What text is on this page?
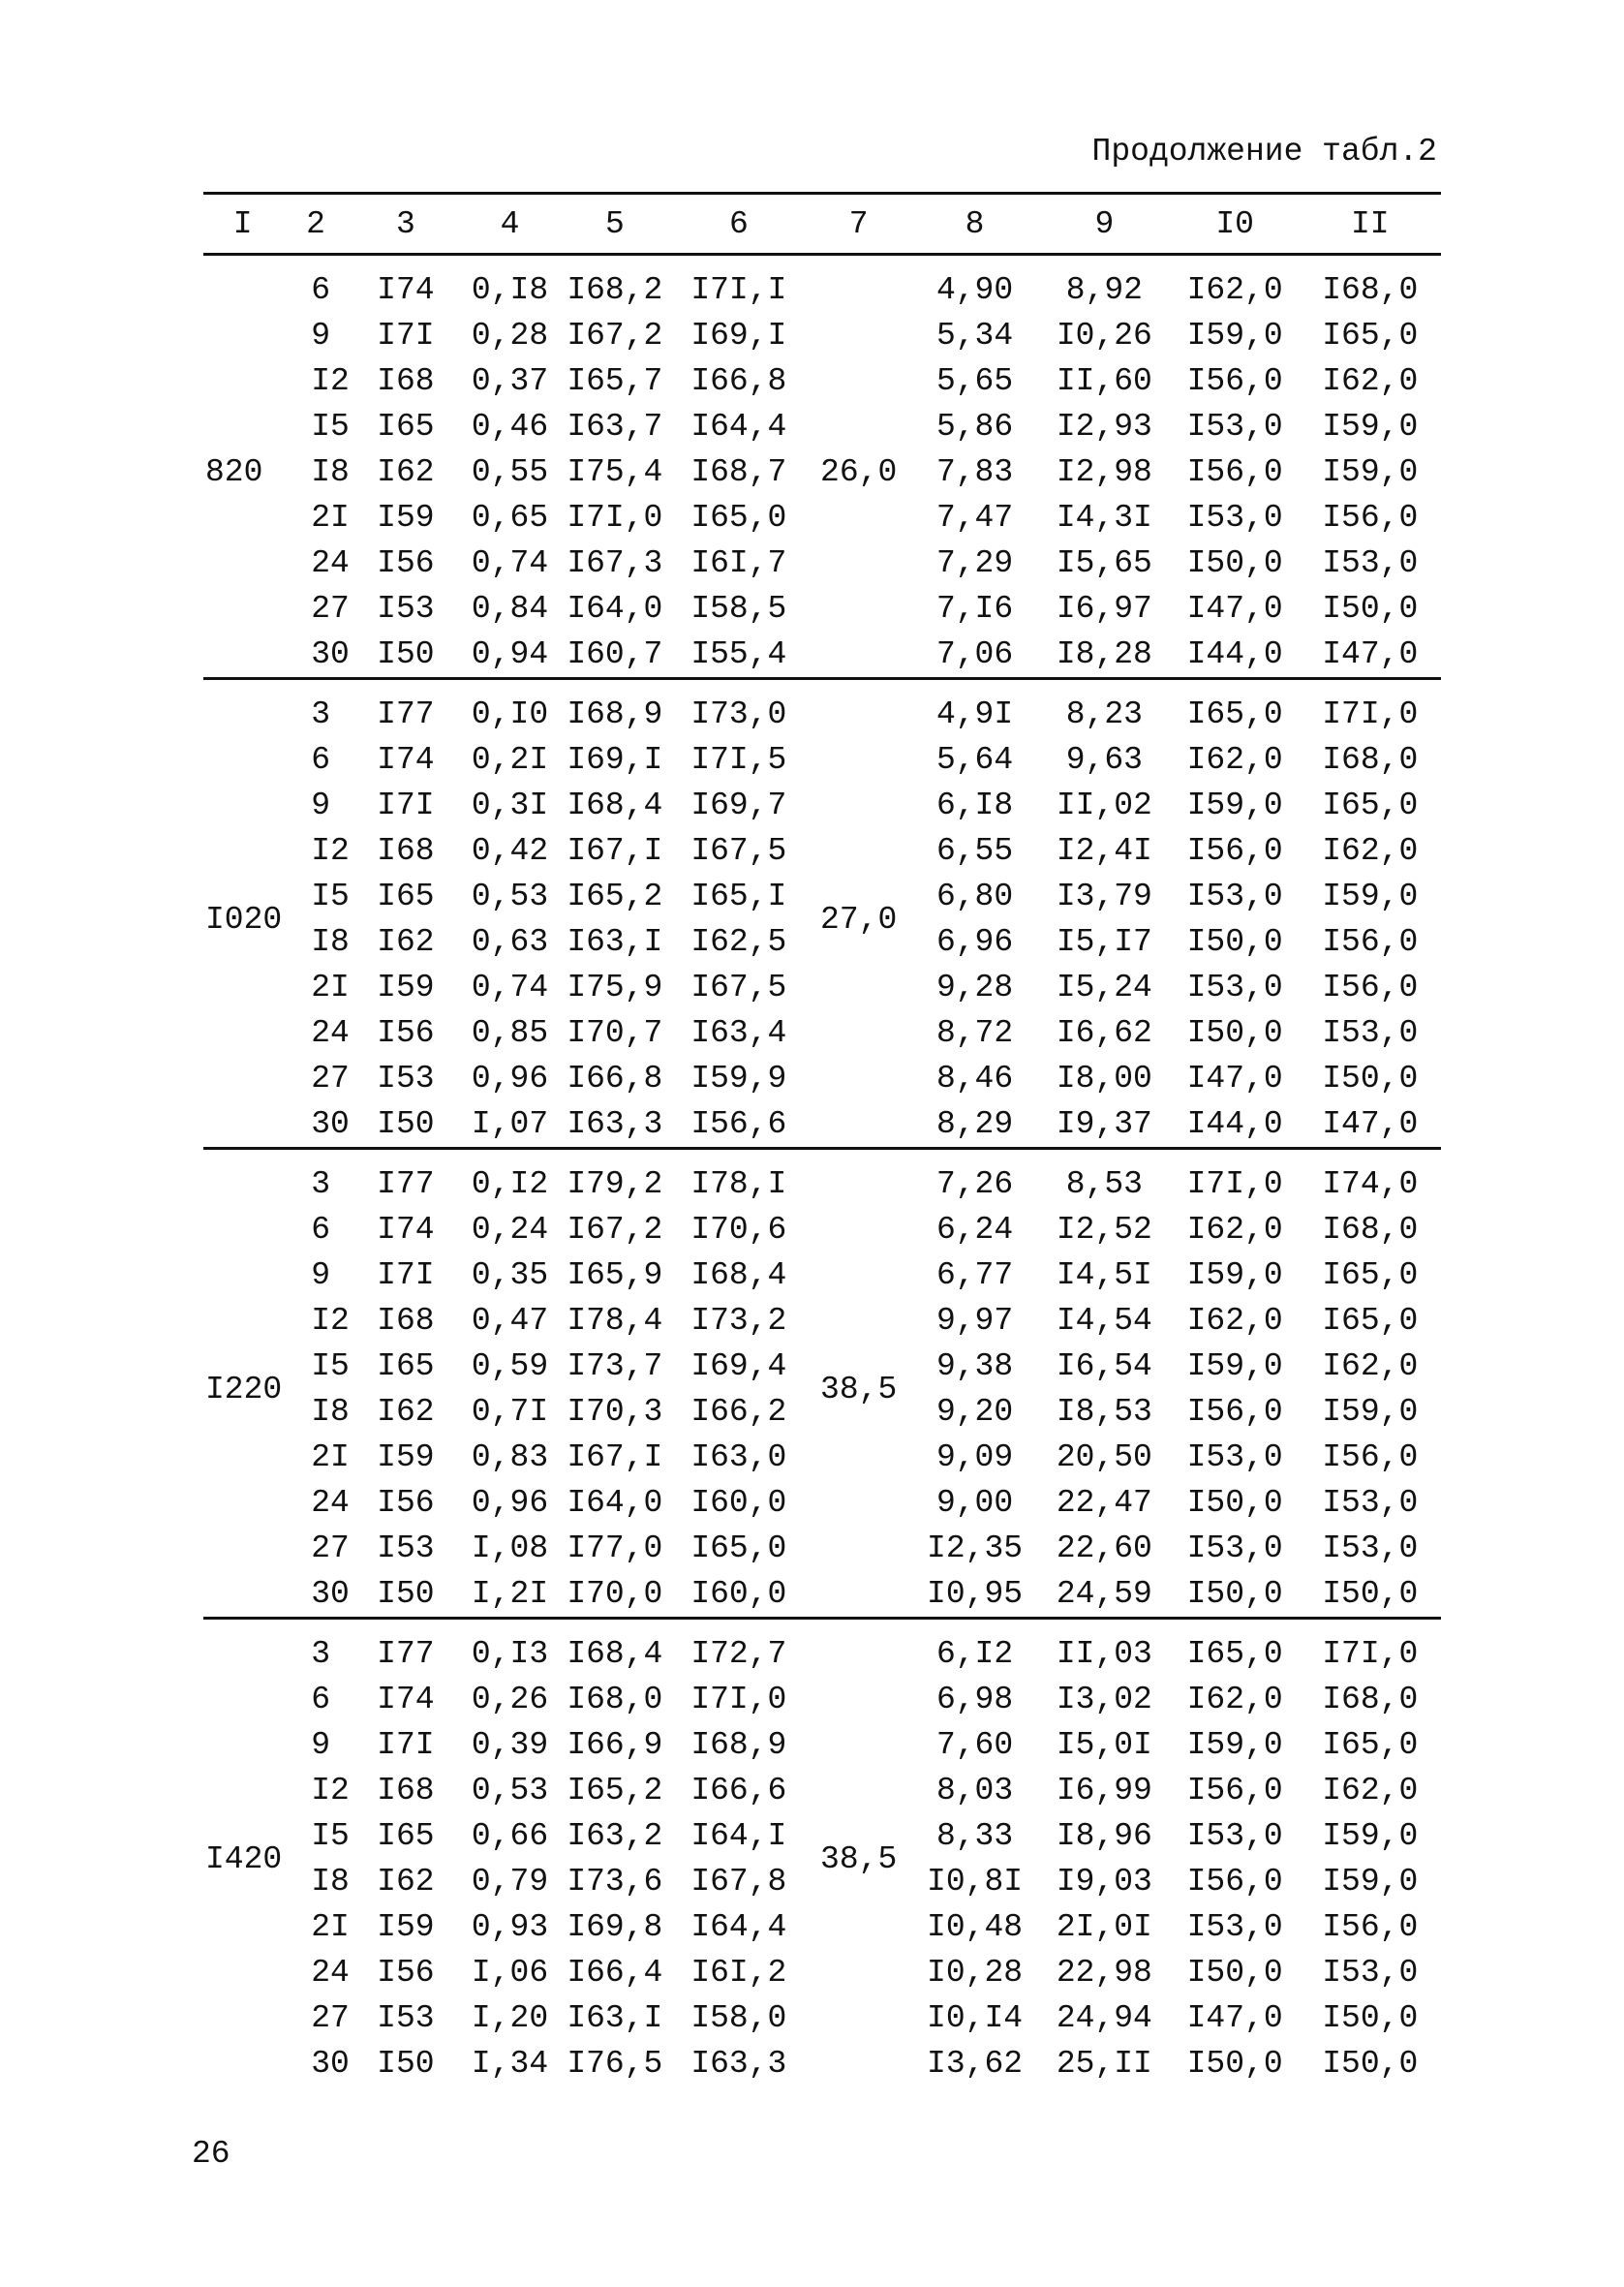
Продолжение табл.2
I	2	3	4	5	6	7	8	9	I0	II
820	6	I74	0,I8	I68,2	I7I,I	26,0	4,90	8,92	I62,0	I68,0
	9	I7I	0,28	I67,2	I69,I		5,34	I0,26	I59,0	I65,0
	I2	I68	0,37	I65,7	I66,8		5,65	II,60	I56,0	I62,0
	I5	I65	0,46	I63,7	I64,4		5,86	I2,93	I53,0	I59,0
	I8	I62	0,55	I75,4	I68,7		7,83	I2,98	I56,0	I59,0
	2I	I59	0,65	I7I,0	I65,0		7,47	I4,3I	I53,0	I56,0
	24	I56	0,74	I67,3	I6I,7		7,29	I5,65	I50,0	I53,0
	27	I53	0,84	I64,0	I58,5		7,I6	I6,97	I47,0	I50,0
	30	I50	0,94	I60,7	I55,4		7,06	I8,28	I44,0	I47,0
I020	3	I77	0,I0	I68,9	I73,0	27,0	4,9I	8,23	I65,0	I7I,0
	6	I74	0,2I	I69,I	I7I,5		5,64	9,63	I62,0	I68,0
	9	I7I	0,3I	I68,4	I69,7		6,I8	II,02	I59,0	I65,0
	I2	I68	0,42	I67,I	I67,5		6,55	I2,4I	I56,0	I62,0
	I5	I65	0,53	I65,2	I65,I		6,80	I3,79	I53,0	I59,0
	I8	I62	0,63	I63,I	I62,5		6,96	I5,I7	I50,0	I56,0
	2I	I59	0,74	I75,9	I67,5		9,28	I5,24	I53,0	I56,0
	24	I56	0,85	I70,7	I63,4		8,72	I6,62	I50,0	I53,0
	27	I53	0,96	I66,8	I59,9		8,46	I8,00	I47,0	I50,0
	30	I50	I,07	I63,3	I56,6		8,29	I9,37	I44,0	I47,0
I220	3	I77	0,I2	I79,2	I78,I	38,5	7,26	8,53	I7I,0	I74,0
	6	I74	0,24	I67,2	I70,6		6,24	I2,52	I62,0	I68,0
	9	I7I	0,35	I65,9	I68,4		6,77	I4,5I	I59,0	I65,0
	I2	I68	0,47	I78,4	I73,2		9,97	I4,54	I62,0	I65,0
	I5	I65	0,59	I73,7	I69,4		9,38	I6,54	I59,0	I62,0
	I8	I62	0,7I	I70,3	I66,2		9,20	I8,53	I56,0	I59,0
	2I	I59	0,83	I67,I	I63,0		9,09	20,50	I53,0	I56,0
	24	I56	0,96	I64,0	I60,0		9,00	22,47	I50,0	I53,0
	27	I53	I,08	I77,0	I65,0		I2,35	22,60	I53,0	I53,0
	30	I50	I,2I	I70,0	I60,0		I0,95	24,59	I50,0	I50,0
I420	3	I77	0,I3	I68,4	I72,7	38,5	6,I2	II,03	I65,0	I7I,0
	6	I74	0,26	I68,0	I7I,0		6,98	I3,02	I62,0	I68,0
	9	I7I	0,39	I66,9	I68,9		7,60	I5,0I	I59,0	I65,0
	I2	I68	0,53	I65,2	I66,6		8,03	I6,99	I56,0	I62,0
	I5	I65	0,66	I63,2	I64,I		8,33	I8,96	I53,0	I59,0
	I8	I62	0,79	I73,6	I67,8		I0,8I	I9,03	I56,0	I59,0
	2I	I59	0,93	I69,8	I64,4		I0,48	2I,0I	I53,0	I56,0
	24	I56	I,06	I66,4	I6I,2		I0,28	22,98	I50,0	I53,0
	27	I53	I,20	I63,I	I58,0		I0,I4	24,94	I47,0	I50,0
	30	I50	I,34	I76,5	I63,3		I3,62	25,II	I50,0	I50,0
26
